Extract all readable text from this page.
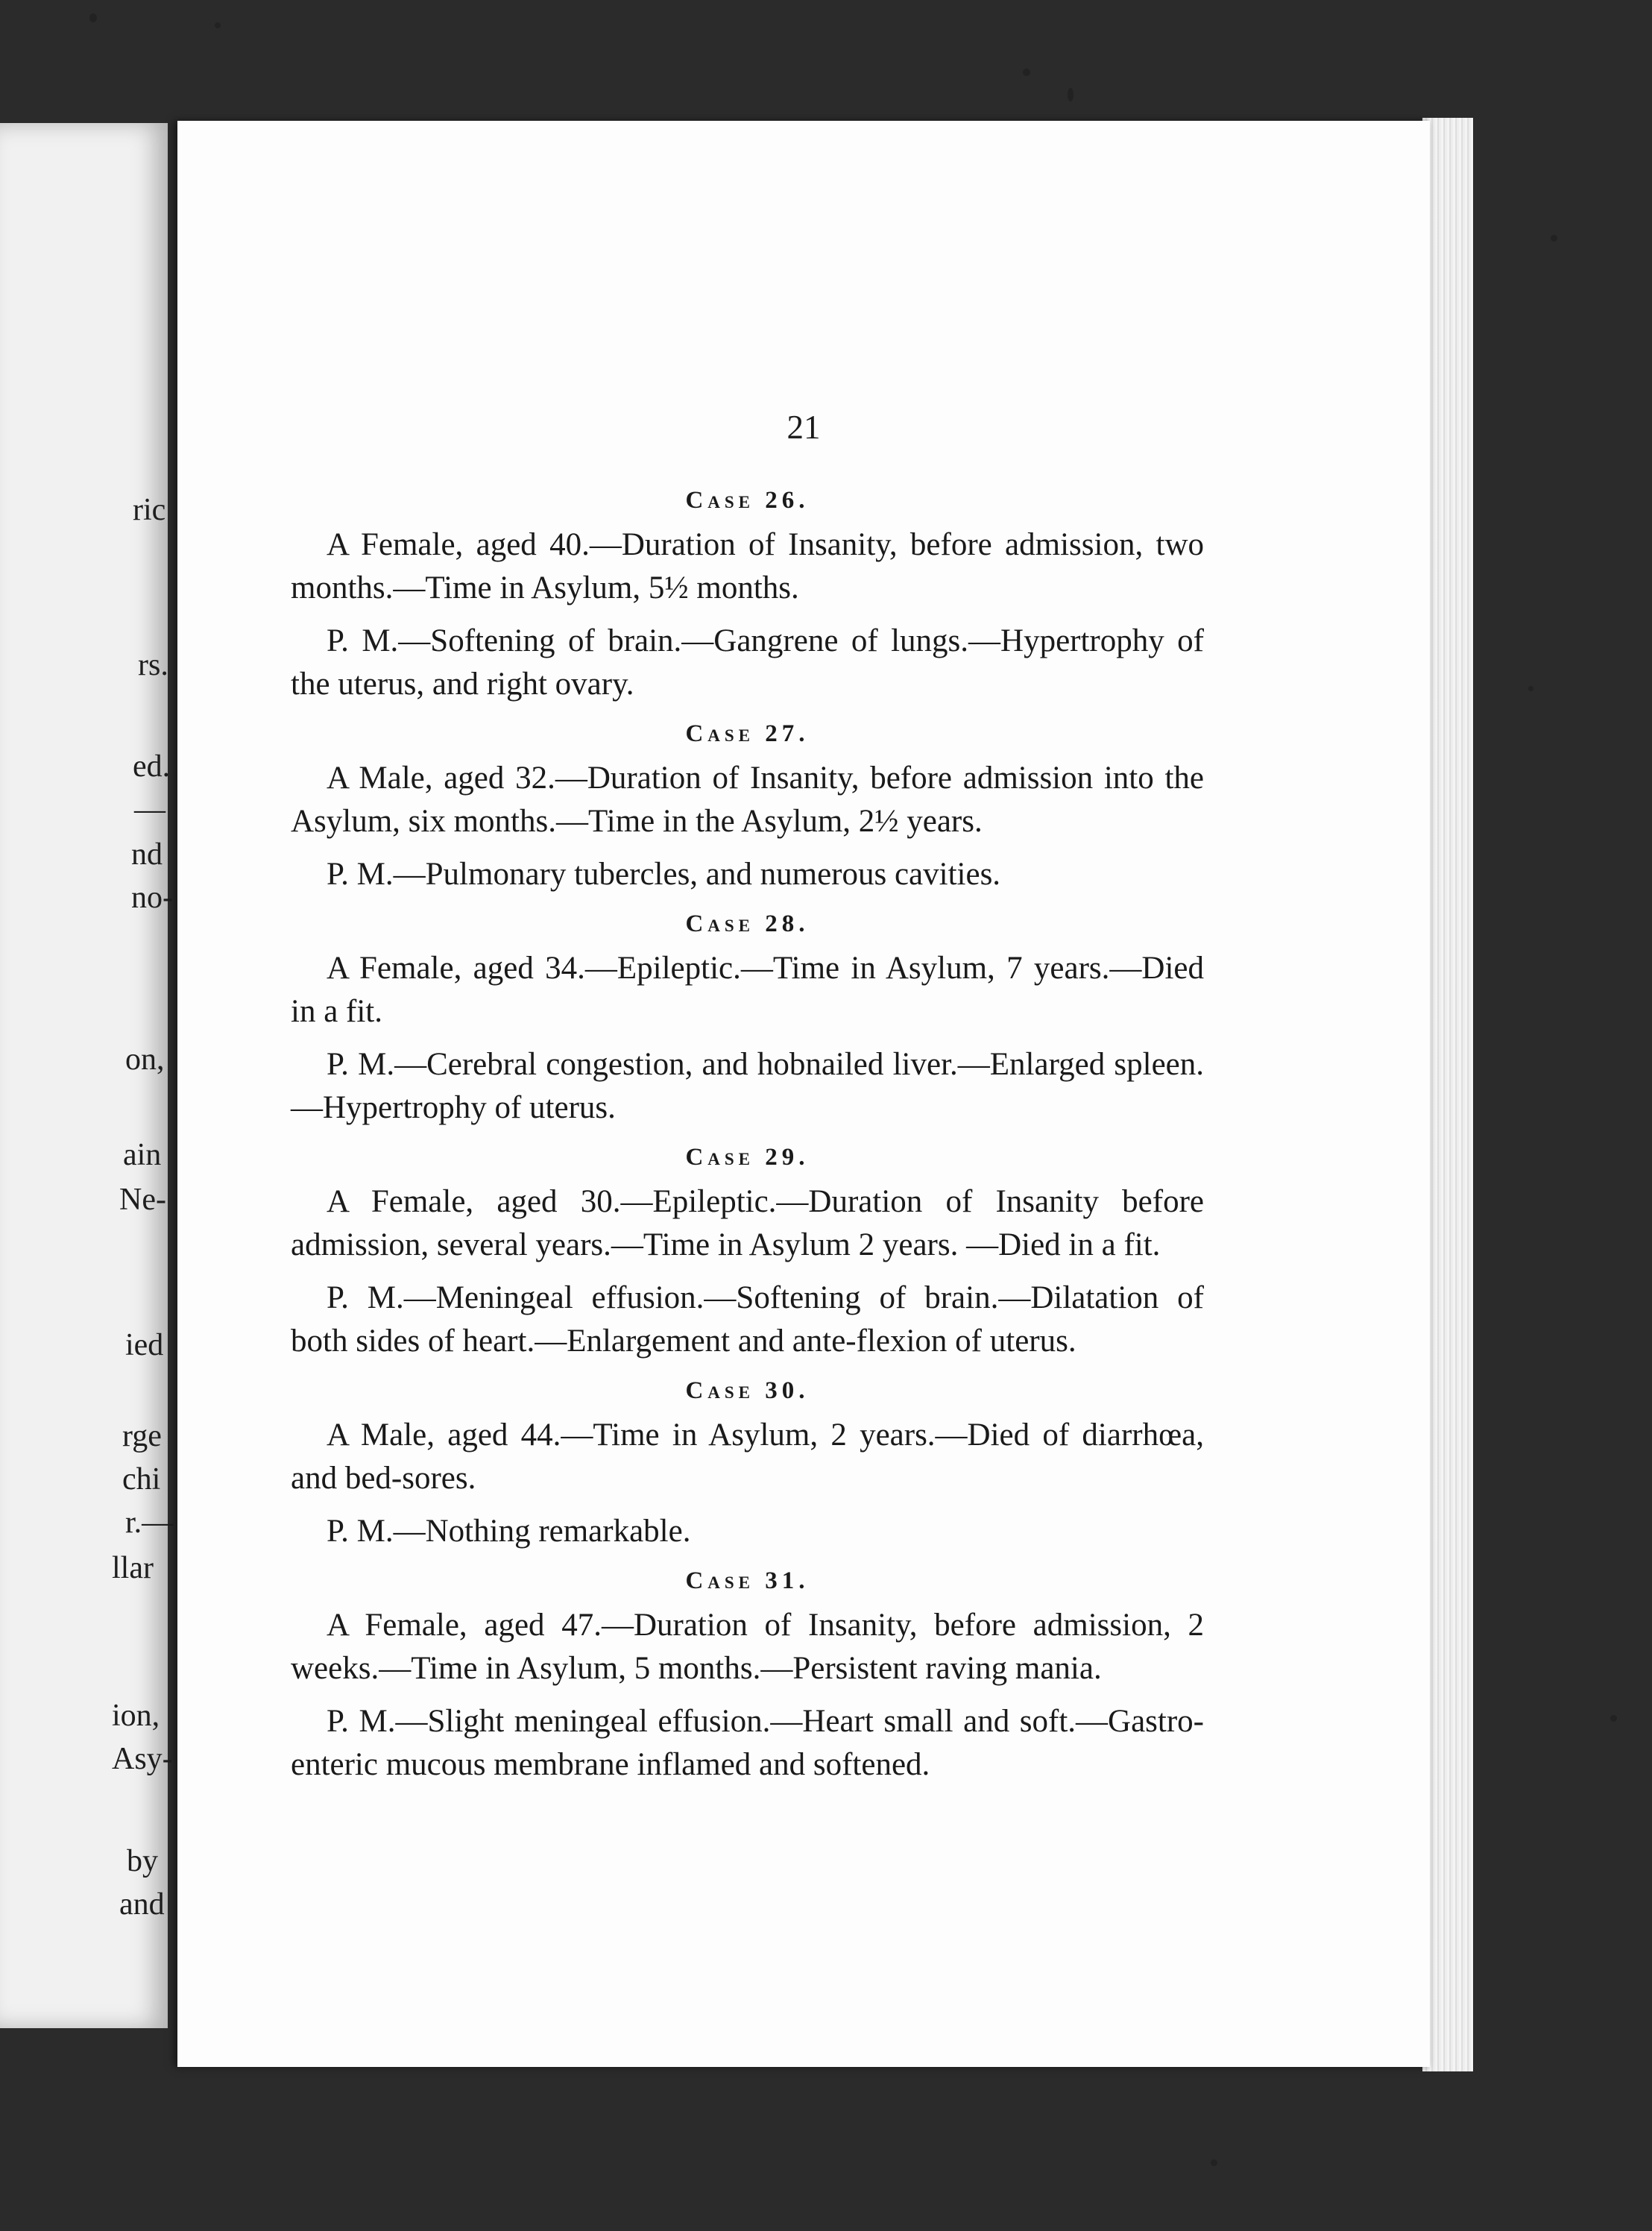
ric
rs.
ed.
—
nd
no-
on,
ain
Ne-
ied
rge
chi
r.—
llar
ion,
Asy-
by
and
21
Case 26.

A Female, aged 40.—Duration of Insanity, before admission, two months.—Time in Asylum, 5½ months.

P. M.—Softening of brain.—Gangrene of lungs.—Hypertrophy of the uterus, and right ovary.

Case 27.

A Male, aged 32.—Duration of Insanity, before admission into the Asylum, six months.—Time in the Asylum, 2½ years.

P. M.—Pulmonary tubercles, and numerous cavities.

Case 28.

A Female, aged 34.—Epileptic.—Time in Asylum, 7 years.—Died in a fit.

P. M.—Cerebral congestion, and hobnailed liver.—Enlarged spleen.—Hypertrophy of uterus.

Case 29.

A Female, aged 30.—Epileptic.—Duration of Insanity before admission, several years.—Time in Asylum 2 years. —Died in a fit.

P. M.—Meningeal effusion.—Softening of brain.—Dilatation of both sides of heart.—Enlargement and ante-flexion of uterus.

Case 30.

A Male, aged 44.—Time in Asylum, 2 years.—Died of diarrhœa, and bed-sores.

P. M.—Nothing remarkable.

Case 31.

A Female, aged 47.—Duration of Insanity, before admission, 2 weeks.—Time in Asylum, 5 months.—Persistent raving mania.

P. M.—Slight meningeal effusion.—Heart small and soft.—Gastro-enteric mucous membrane inflamed and softened.
